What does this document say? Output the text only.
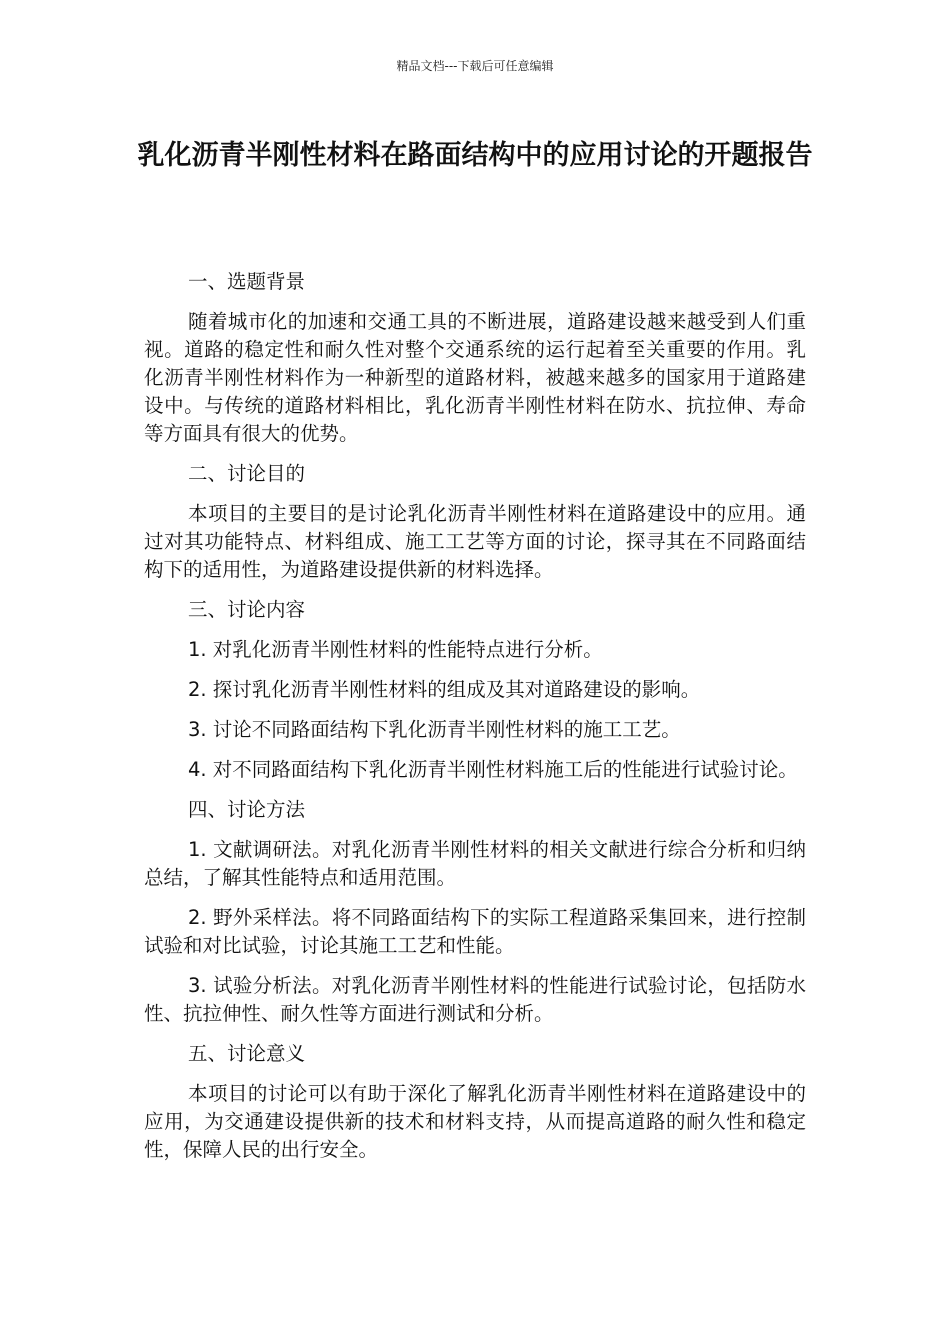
精品文档---下载后可任意编辑
乳化沥青半刚性材料在路面结构中的应用讨论的开题报告

一、选题背景

随着城市化的加速和交通工具的不断进展，道路建设越来越受到人们重视。道路的稳定性和耐久性对整个交通系统的运行起着至关重要的作用。乳化沥青半刚性材料作为一种新型的道路材料，被越来越多的国家用于道路建设中。与传统的道路材料相比，乳化沥青半刚性材料在防水、抗拉伸、寿命等方面具有很大的优势。

二、讨论目的

本项目的主要目的是讨论乳化沥青半刚性材料在道路建设中的应用。通过对其功能特点、材料组成、施工工艺等方面的讨论，探寻其在不同路面结构下的适用性，为道路建设提供新的材料选择。

三、讨论内容

1. 对乳化沥青半刚性材料的性能特点进行分析。

2. 探讨乳化沥青半刚性材料的组成及其对道路建设的影响。

3. 讨论不同路面结构下乳化沥青半刚性材料的施工工艺。

4. 对不同路面结构下乳化沥青半刚性材料施工后的性能进行试验讨论。

四、讨论方法

1. 文献调研法。对乳化沥青半刚性材料的相关文献进行综合分析和归纳总结，了解其性能特点和适用范围。

2. 野外采样法。将不同路面结构下的实际工程道路采集回来，进行控制试验和对比试验，讨论其施工工艺和性能。

3. 试验分析法。对乳化沥青半刚性材料的性能进行试验讨论，包括防水性、抗拉伸性、耐久性等方面进行测试和分析。

五、讨论意义

本项目的讨论可以有助于深化了解乳化沥青半刚性材料在道路建设中的应用，为交通建设提供新的技术和材料支持，从而提高道路的耐久性和稳定性，保障人民的出行安全。
